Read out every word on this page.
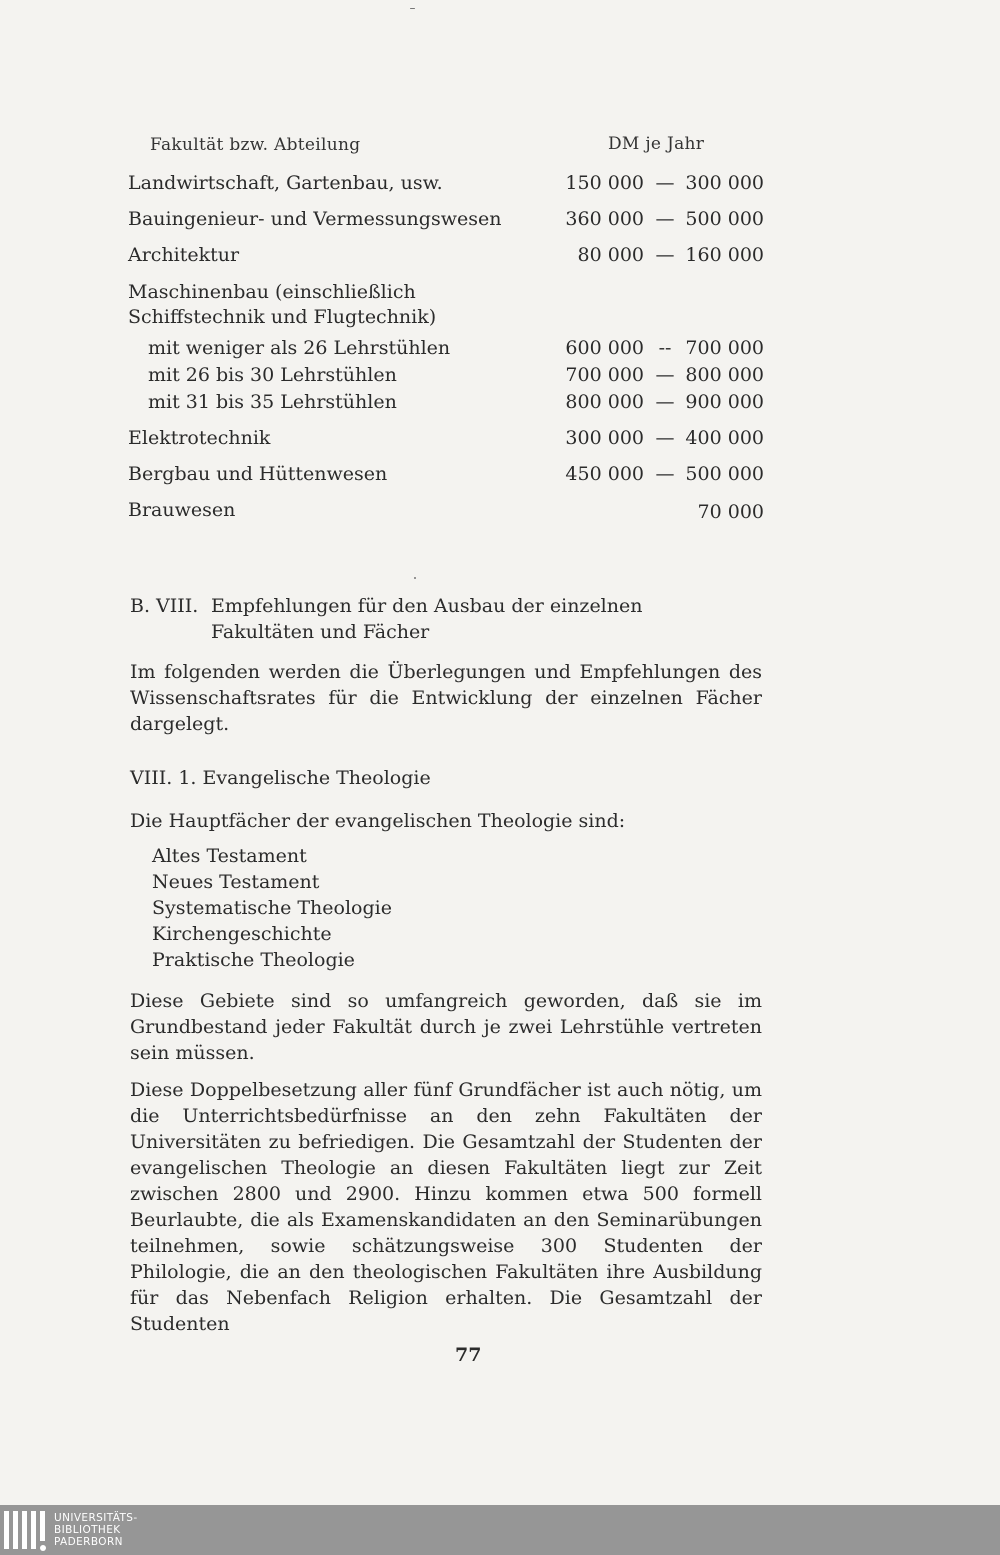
Fakultät bzw. Abteilung	DM je Jahr
Landwirtschaft, Gartenbau, usw.	150 000 — 300 000
Bauingenieur- und Vermessungswesen	360 000 — 500 000
Architektur	80 000 — 160 000
Maschinenbau (einschließlich
Schiffstechnik und Flugtechnik)
mit weniger als 26 Lehrstühlen	600 000 -- 700 000
mit 26 bis 30 Lehrstühlen	700 000 — 800 000
mit 31 bis 35 Lehrstühlen	800 000 — 900 000
Elektrotechnik	300 000 — 400 000
Bergbau und Hüttenwesen	450 000 — 500 000
Brauwesen	70 000
B. VIII. Empfehlungen für den Ausbau der einzelnen
Fakultäten und Fächer
Im folgenden werden die Überlegungen und Empfehlungen des Wissenschaftsrates für die Entwicklung der einzelnen Fächer dargelegt.
VIII. 1. Evangelische Theologie
Die Hauptfächer der evangelischen Theologie sind:
Altes Testament
Neues Testament
Systematische Theologie
Kirchengeschichte
Praktische Theologie
Diese Gebiete sind so umfangreich geworden, daß sie im Grundbestand jeder Fakultät durch je zwei Lehrstühle vertreten sein müssen.
Diese Doppelbesetzung aller fünf Grundfächer ist auch nötig, um die Unterrichtsbedürfnisse an den zehn Fakultäten der Universitäten zu befriedigen. Die Gesamtzahl der Studenten der evangelischen Theologie an diesen Fakultäten liegt zur Zeit zwischen 2800 und 2900. Hinzu kommen etwa 500 formell Beurlaubte, die als Examenskandidaten an den Seminarübungen teilnehmen, sowie schätzungsweise 300 Studenten der Philologie, die an den theologischen Fakultäten ihre Ausbildung für das Nebenfach Religion erhalten. Die Gesamtzahl der Studenten
77
UNIVERSITÄTS-
BIBLIOTHEK
PADERBORN
